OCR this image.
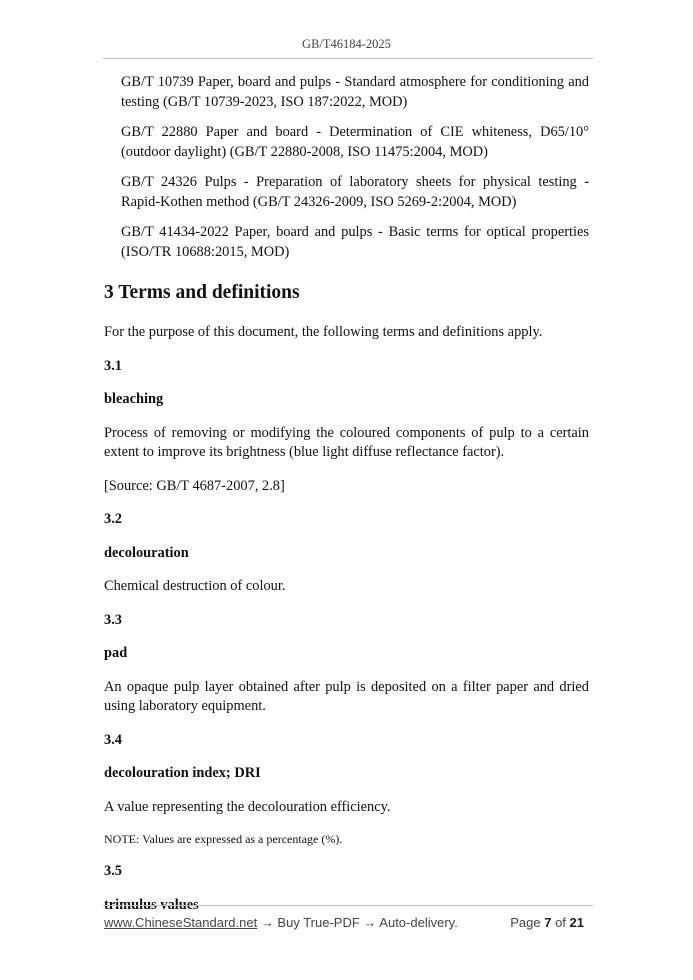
GB/T46184-2025
GB/T 10739 Paper, board and pulps - Standard atmosphere for conditioning and testing (GB/T 10739-2023, ISO 187:2022, MOD)
GB/T 22880 Paper and board - Determination of CIE whiteness, D65/10° (outdoor daylight) (GB/T 22880-2008, ISO 11475:2004, MOD)
GB/T 24326 Pulps - Preparation of laboratory sheets for physical testing - Rapid-Kothen method (GB/T 24326-2009, ISO 5269-2:2004, MOD)
GB/T 41434-2022 Paper, board and pulps - Basic terms for optical properties (ISO/TR 10688:2015, MOD)
3 Terms and definitions
For the purpose of this document, the following terms and definitions apply.
3.1
bleaching
Process of removing or modifying the coloured components of pulp to a certain extent to improve its brightness (blue light diffuse reflectance factor).
[Source: GB/T 4687-2007, 2.8]
3.2
decolouration
Chemical destruction of colour.
3.3
pad
An opaque pulp layer obtained after pulp is deposited on a filter paper and dried using laboratory equipment.
3.4
decolouration index; DRI
A value representing the decolouration efficiency.
NOTE: Values are expressed as a percentage (%).
3.5
trimulus values
www.ChineseStandard.net → Buy True-PDF → Auto-delivery.	Page 7 of 21
